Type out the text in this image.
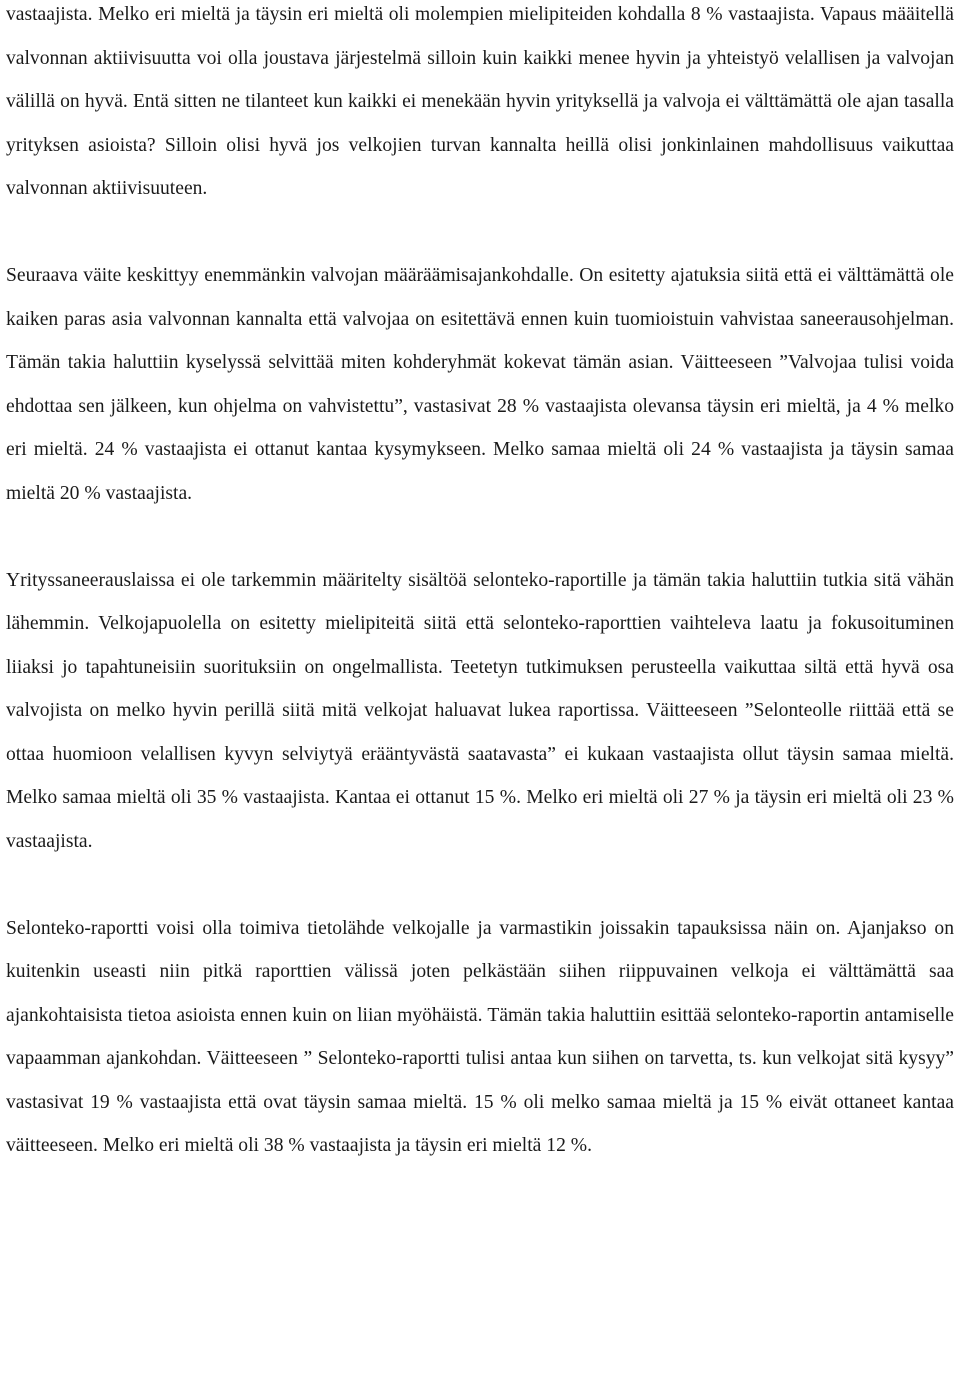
vastaajista. Melko eri mieltä ja täysin eri mieltä oli molempien mielipiteiden kohdalla 8 % vastaajista. Vapaus määitellä valvonnan aktiivisuutta voi olla joustava järjestelmä silloin kuin kaikki menee hyvin ja yhteistyö velallisen ja valvojan välillä on hyvä. Entä sitten ne tilanteet kun kaikki ei menekään hyvin yrityksellä ja valvoja ei välttämättä ole ajan tasalla yrityksen asioista? Silloin olisi hyvä jos velkojien turvan kannalta heillä olisi jonkinlainen mahdollisuus vaikuttaa valvonnan aktiivisuuteen.

Seuraava väite keskittyy enemmänkin valvojan määräämisajankohdalle. On esitetty ajatuksia siitä että ei välttämättä ole kaiken paras asia valvonnan kannalta että valvojaa on esitettävä ennen kuin tuomioistuin vahvistaa saneerausohjelman. Tämän takia haluttiin kyselyssä selvittää miten kohderyhmät kokevat tämän asian. Väitteeseen ”Valvojaa tulisi voida ehdottaa sen jälkeen, kun ohjelma on vahvistettu”, vastasivat 28 % vastaajista olevansa täysin eri mieltä, ja 4 % melko eri mieltä. 24 % vastaajista ei ottanut kantaa kysymykseen. Melko samaa mieltä oli 24 % vastaajista ja täysin samaa mieltä 20 % vastaajista.

Yrityssaneerauslaissa ei ole tarkemmin määritelty sisältöä selonteko-raportille ja tämän takia haluttiin tutkia sitä vähän lähemmin. Velkojapuolella on esitetty mielipiteitä siitä että selonteko-raporttien vaihteleva laatu ja fokusoituminen liiaksi jo tapahtuneisiin suorituksiin on ongelmallista. Teetetyn tutkimuksen perusteella vaikuttaa siltä että hyvä osa valvojista on melko hyvin perillä siitä mitä velkojat haluavat lukea raportissa. Väitteeseen ”Selonteolle riittää että se ottaa huomioon velallisen kyvyn selviytyä erääntyvästä saatavasta” ei kukaan vastaajista ollut täysin samaa mieltä. Melko samaa mieltä oli 35 % vastaajista. Kantaa ei ottanut 15 %. Melko eri mieltä oli 27 % ja täysin eri mieltä oli 23 % vastaajista.

Selonteko-raportti voisi olla toimiva tietolähde velkojalle ja varmastikin joissakin tapauksissa näin on. Ajanjakso on kuitenkin useasti niin pitkä raporttien välissä joten pelkästään siihen riippuvainen velkoja ei välttämättä saa ajankohtaisista tietoa asioista ennen kuin on liian myöhäistä. Tämän takia haluttiin esittää selonteko-raportin antamiselle vapaamman ajankohdan. Väitteeseen ” Selonteko-raportti tulisi antaa kun siihen on tarvetta, ts. kun velkojat sitä kysyy” vastasivat 19 % vastaajista että ovat täysin samaa mieltä. 15 % oli melko samaa mieltä ja 15 % eivät ottaneet kantaa väitteeseen. Melko eri mieltä oli 38 % vastaajista ja täysin eri mieltä 12 %.
